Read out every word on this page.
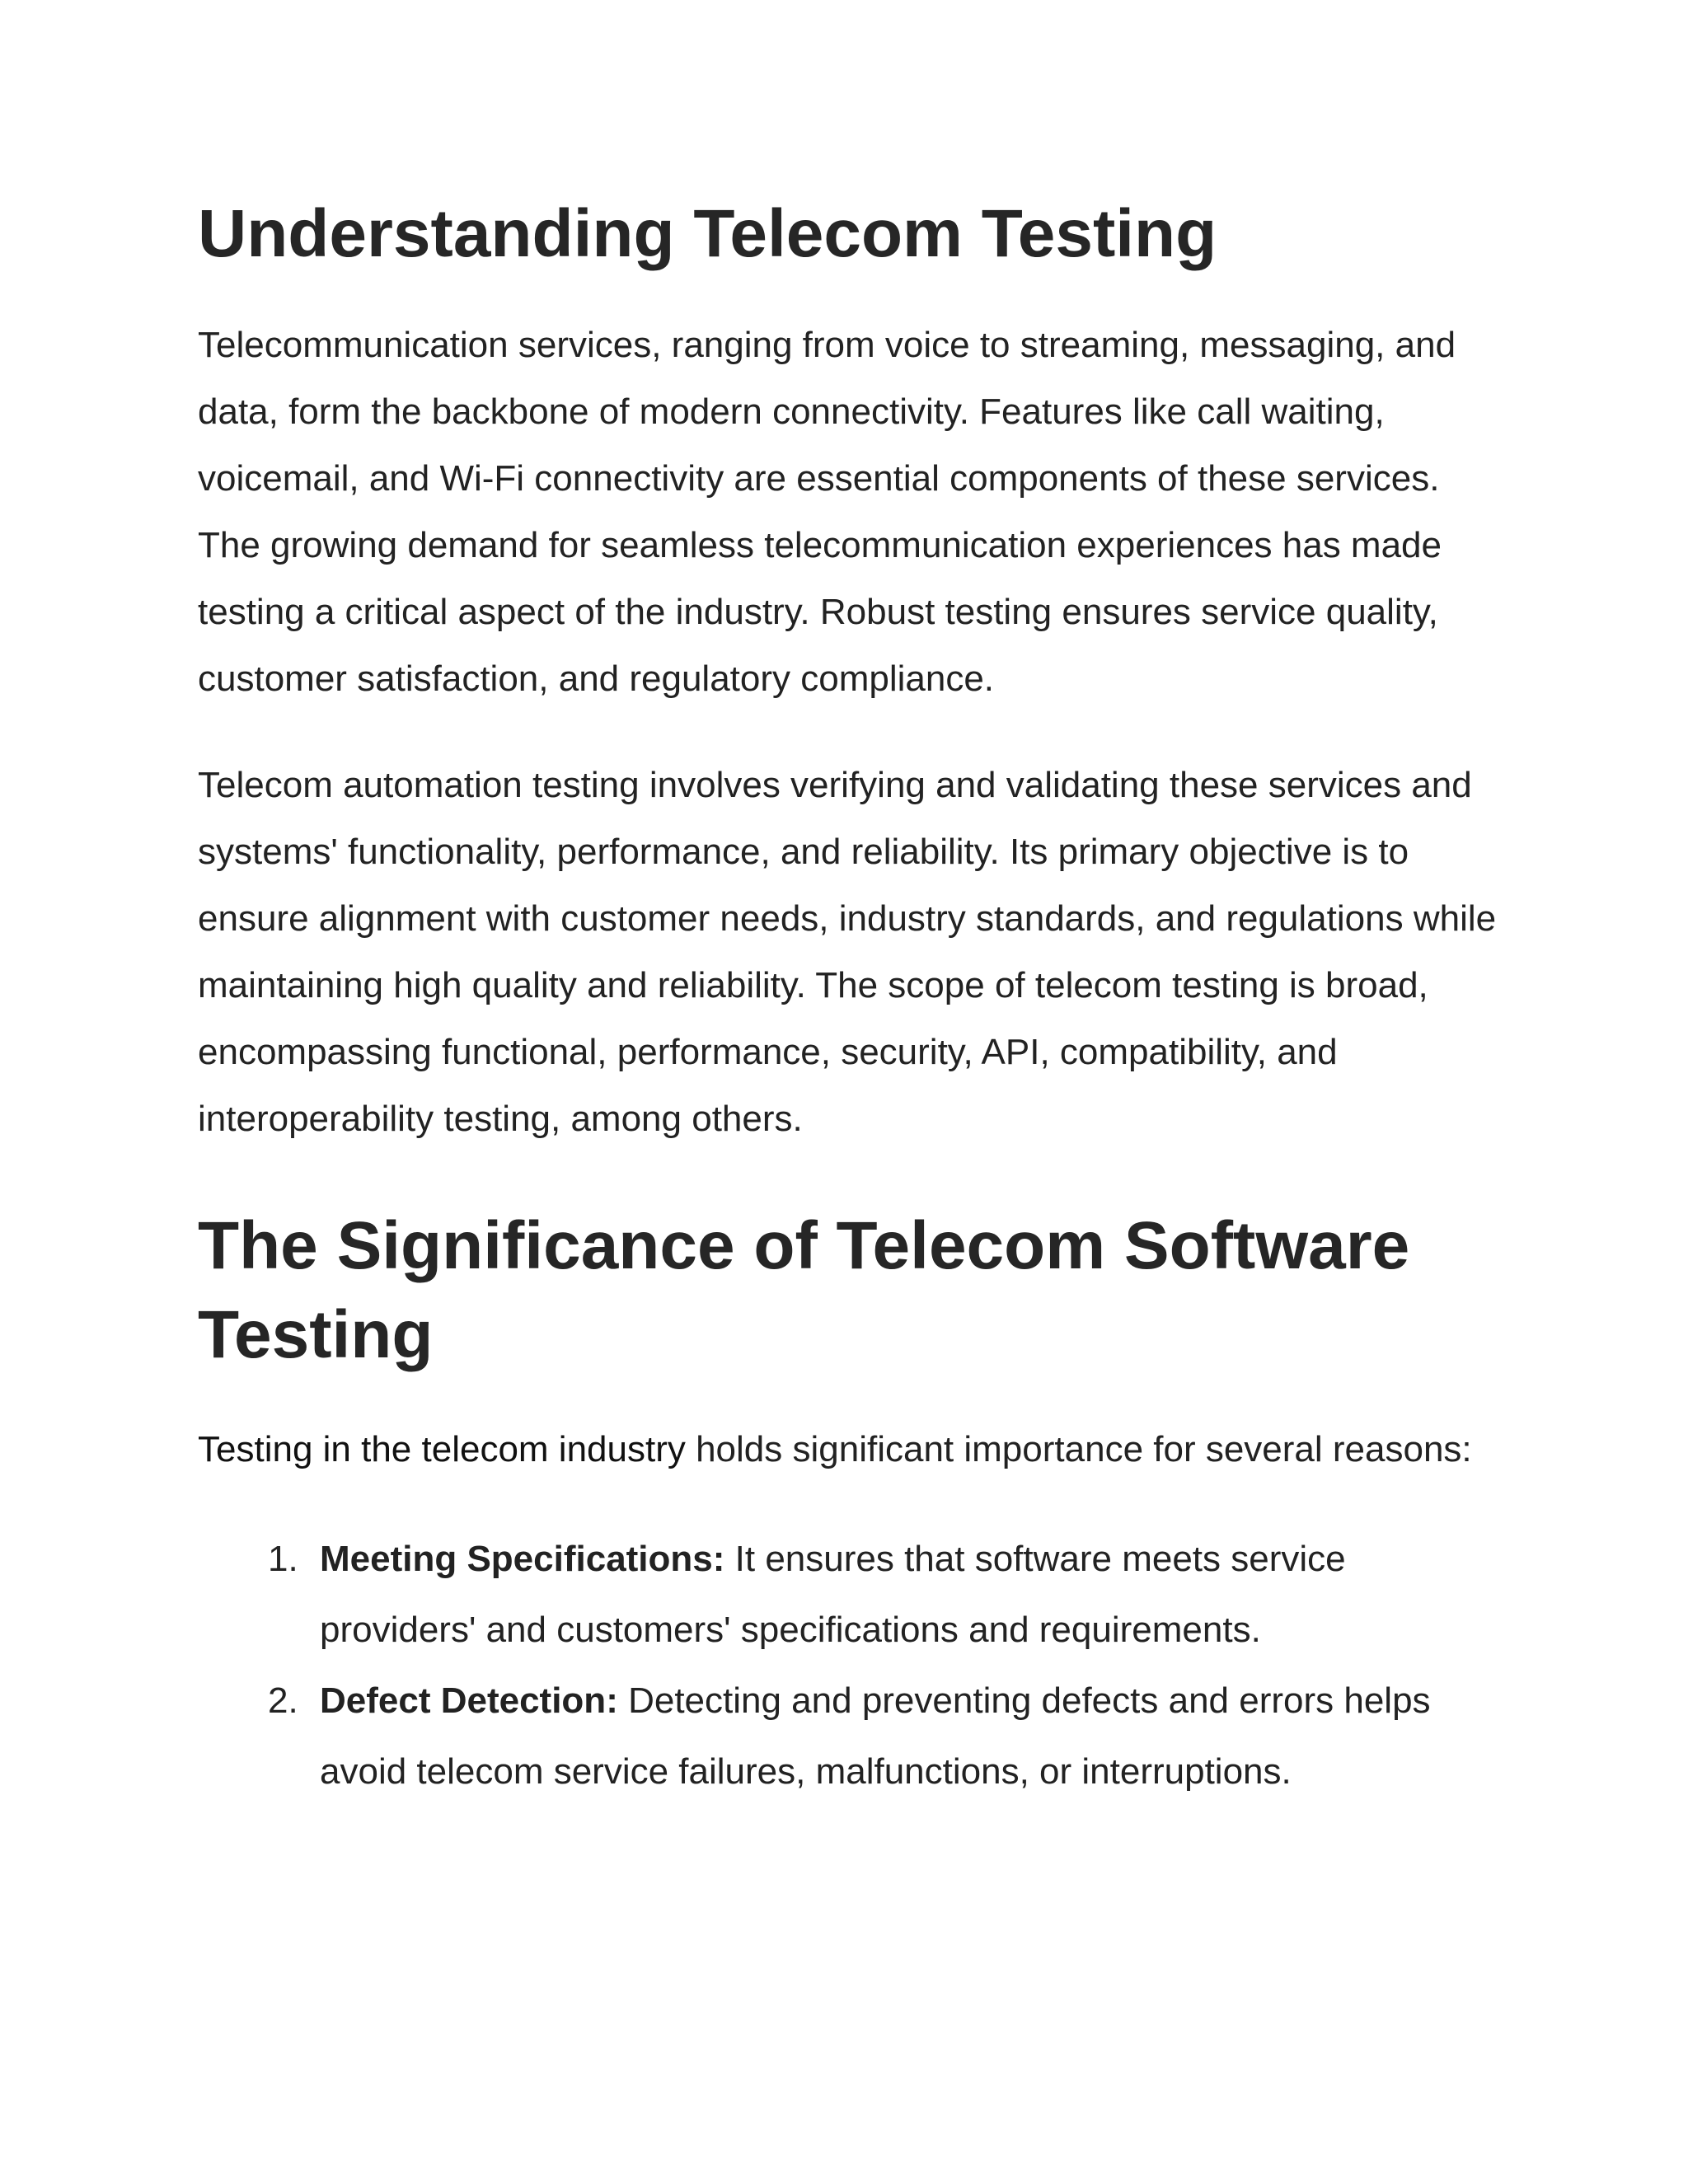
Understanding Telecom Testing

Telecommunication services, ranging from voice to streaming, messaging, and data, form the backbone of modern connectivity. Features like call waiting, voicemail, and Wi-Fi connectivity are essential components of these services. The growing demand for seamless telecommunication experiences has made testing a critical aspect of the industry. Robust testing ensures service quality, customer satisfaction, and regulatory compliance.

Telecom automation testing involves verifying and validating these services and systems' functionality, performance, and reliability. Its primary objective is to ensure alignment with customer needs, industry standards, and regulations while maintaining high quality and reliability. The scope of telecom testing is broad, encompassing functional, performance, security, API, compatibility, and interoperability testing, among others.

The Significance of Telecom Software Testing

Testing in the telecom industry holds significant importance for several reasons:

1. Meeting Specifications: It ensures that software meets service providers' and customers' specifications and requirements.
2. Defect Detection: Detecting and preventing defects and errors helps avoid telecom service failures, malfunctions, or interruptions.
